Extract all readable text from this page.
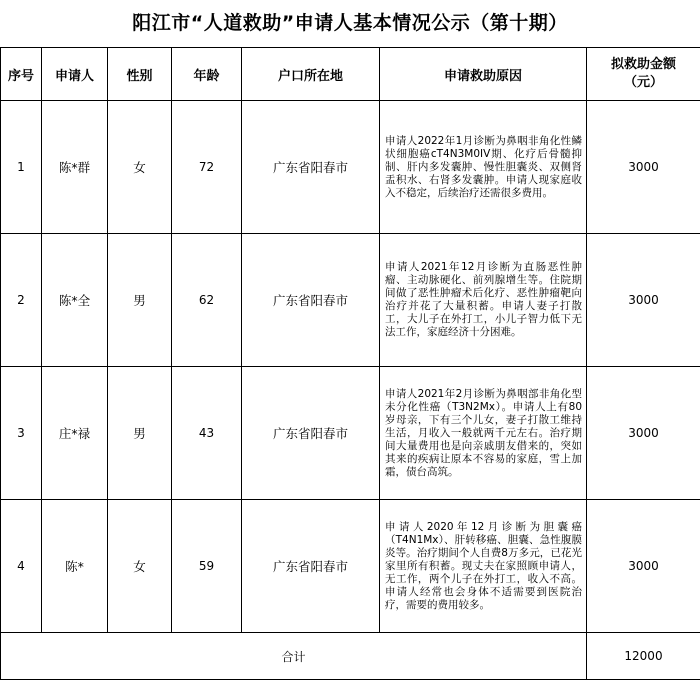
阳江市“人道救助”申请人基本情况公示（第十期）
序号	申请人	性别	年龄	户口所在地	申请救助原因	拟救助金额
（元）

1	陈*群	女	72	广东省阳春市	申请人2022年1月诊断为鼻咽非角化性鳞状细胞癌cT4N3M0IV期、化疗后骨髓抑制、肝内多发囊肿、慢性胆囊炎、双侧肾盂积水、右肾多发囊肿。申请人现家庭收入不稳定，后续治疗还需很多费用。	3000
2	陈*全	男	62	广东省阳春市	申请人2021年12月诊断为直肠恶性肿瘤、主动脉硬化、前列腺增生等。住院期间做了恶性肿瘤术后化疗、恶性肿瘤靶向治疗并花了大量积蓄。申请人妻子打散工，大儿子在外打工，小儿子智力低下无法工作，家庭经济十分困难。	3000
3	庄*禄	男	43	广东省阳春市	申请人2021年2月诊断为鼻咽部非角化型未分化性癌（T3N2Mx）。申请人上有80岁母亲，下有三个儿女，妻子打散工维持生活，月收入一般就两千元左右。治疗期间大量费用也是向亲戚朋友借来的，突如其来的疾病让原本不容易的家庭，雪上加霜，债台高筑。	3000
4	陈*	女	59	广东省阳春市	申请人2020年12月诊断为胆囊癌（T4N1Mx）、肝转移癌、胆囊、急性腹膜炎等。治疗期间个人自费8万多元，已花光家里所有积蓄。现丈夫在家照顾申请人，无工作，两个儿子在外打工，收入不高。申请人经常也会身体不适需要到医院治疗，需要的费用较多。	3000
合计						12000
